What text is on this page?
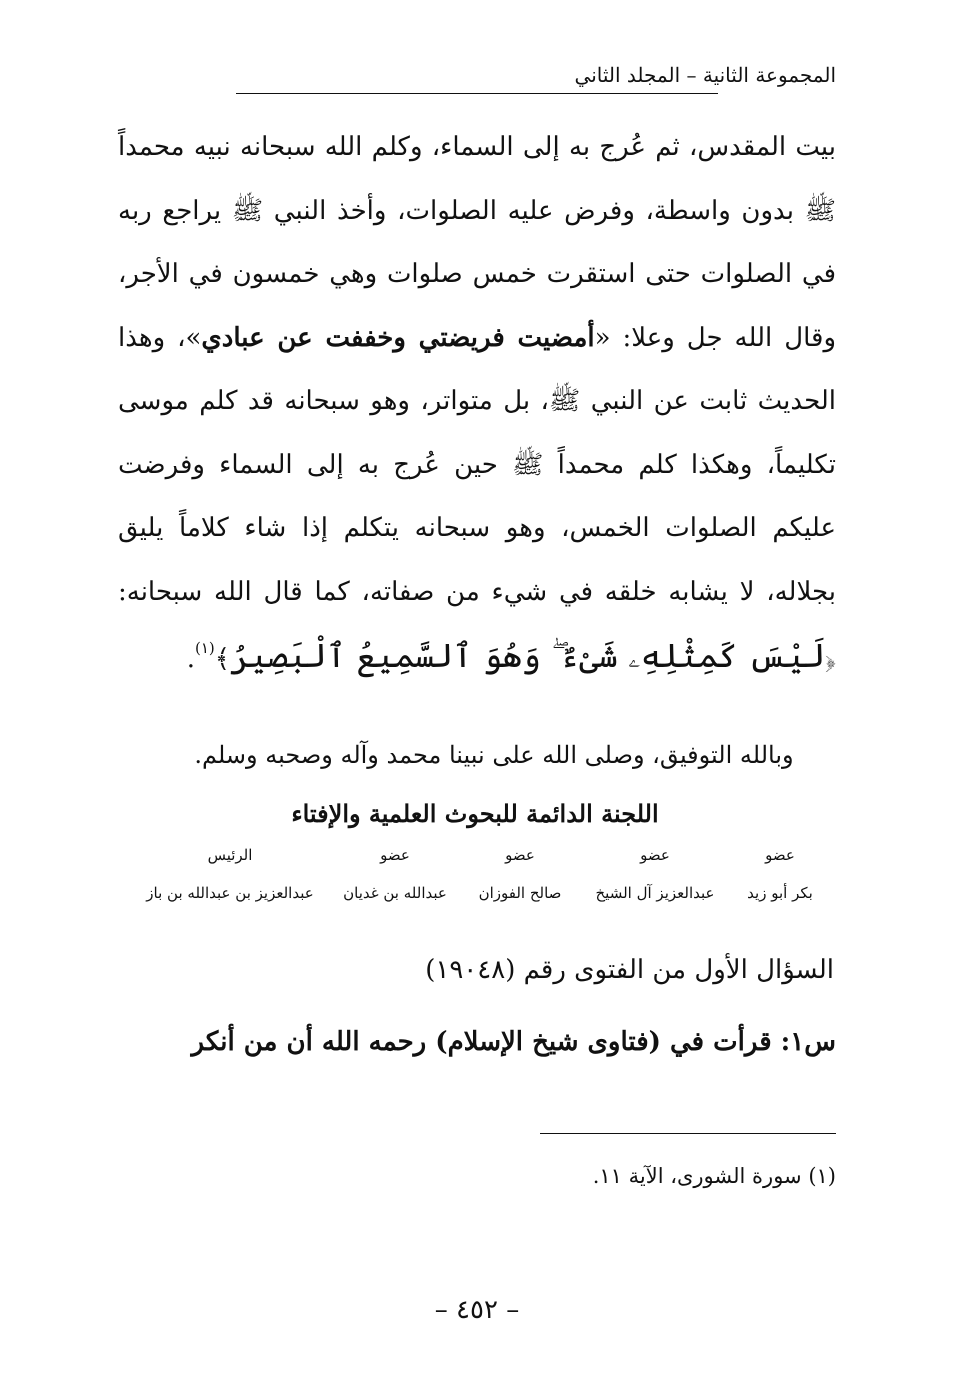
المجموعة الثانية – المجلد الثاني

بيت المقدس، ثم عُرج به إلى السماء، وكلم الله سبحانه نبيه محمداً ﷺ بدون واسطة، وفرض عليه الصلوات، وأخذ النبي ﷺ يراجع ربه في الصلوات حتى استقرت خمس صلوات وهي خمسون في الأجر، وقال الله جل وعلا: «أمضيت فريضتي وخففت عن عبادي»، وهذا الحديث ثابت عن النبي ﷺ، بل متواتر، وهو سبحانه قد كلم موسى تكليماً، وهكذا كلم محمداً ﷺ حين عُرج به إلى السماء وفرضت عليكم الصلوات الخمس، وهو سبحانه يتكلم إذا شاء كلاماً يليق بجلاله، لا يشابه خلقه في شيء من صفاته، كما قال الله سبحانه: ﴿لَيْسَ كَمِثْلِهِۦ شَىْءٌ ۖ وَهُوَ ٱلسَّمِيعُ ٱلْبَصِيرُ﴾$^{(١)}$.

وبالله التوفيق، وصلى الله على نبينا محمد وآله وصحبه وسلم.
اللجنة الدائمة للبحوث العلمية والإفتاء
عضو
بكر أبو زيد
عضو
عبدالعزيز آل الشيخ
عضو
صالح الفوزان
عضو
عبدالله بن غديان
الرئيس
عبدالعزيز بن عبدالله بن باز
السؤال الأول من الفتوى رقم (١٩٠٤٨)
س١: قرأت في (فتاوى شيخ الإسلام) رحمه الله أن من أنكر
(١) سورة الشورى، الآية ١١.
– ٤٥٢ –
